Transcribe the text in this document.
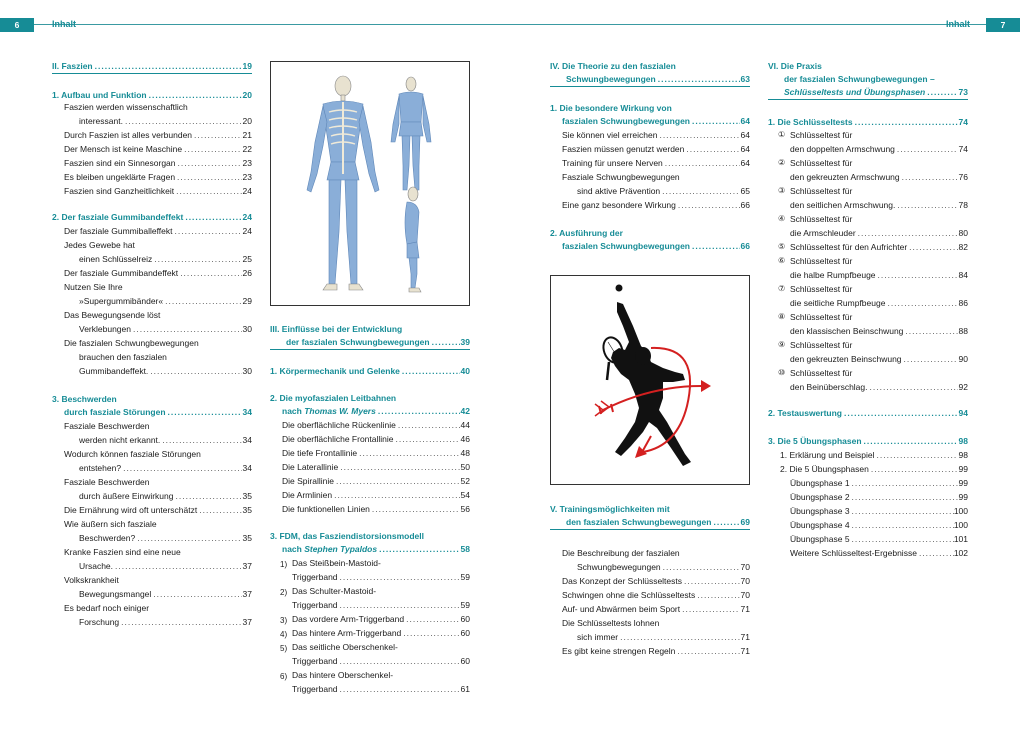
6	Inhalt	Inhalt	7
II. Faszien .....	19
1. Aufbau und Funktion .....	20
Faszien werden wissenschaftlich
interessant. .....	20
Durch Faszien ist alles verbunden .....	21
Der Mensch ist keine Maschine .....	22
Faszien sind ein Sinnesorgan .....	23
Es bleiben ungeklärte Fragen .....	23
Faszien sind Ganzheitlichkeit .....	24
2. Der fasziale Gummibandeffekt .....	24
Der fasziale Gummiballeffekt .....	24
Jedes Gewebe hat
einen Schlüsselreiz .....	25
Der fasziale Gummibandeffekt .....	26
Nutzen Sie Ihre
»Supergummibänder« .....	29
Das Bewegungsende löst
Verklebungen .....	30
Die faszialen Schwungbewegungen
brauchen den faszialen
Gummibandeffekt. .....	30
3. Beschwerden
durch fasziale Störungen .....	34
Fasziale Beschwerden
werden nicht erkannt. .....	34
Wodurch können fasziale Störungen
entstehen? .....	34
Fasziale Beschwerden
durch äußere Einwirkung .....	35
Die Ernährung wird oft unterschätzt .....	35
Wie äußern sich fasziale
Beschwerden? .....	35
Kranke Faszien sind eine neue
Ursache. .....	37
Volkskrankheit
Bewegungsmangel .....	37
Es bedarf noch einiger
Forschung .....	37
III. Einflüsse bei der Entwicklung
der faszialen Schwungbewegungen .....	39
1. Körpermechanik und Gelenke .....	40
2. Die myofaszialen Leitbahnen
nach Thomas W. Myers .....	42
Die oberflächliche Rückenlinie .....	44
Die oberflächliche Frontallinie .....	46
Die tiefe Frontallinie .....	48
Die Laterallinie .....	50
Die Spirallinie .....	52
Die Armlinien .....	54
Die funktionellen Linien .....	56
3. FDM, das Fasziendistorsionsmodell
nach Stephen Typaldos .....	58
1) Das Steißbein-Mastoid-
Triggerband .....	59
2) Das Schulter-Mastoid-
Triggerband .....	59
3) Das vordere Arm-Triggerband .....	60
4) Das hintere Arm-Triggerband .....	60
5) Das seitliche Oberschenkel-
Triggerband .....	60
6) Das hintere Oberschenkel-
Triggerband .....	61
IV. Die Theorie zu den faszialen
Schwungbewegungen .....	63
1. Die besondere Wirkung von
faszialen Schwungbewegungen .....	64
Sie können viel erreichen .....	64
Faszien müssen genutzt werden .....	64
Training für unsere Nerven .....	64
Fasziale Schwungbewegungen
sind aktive Prävention .....	65
Eine ganz besondere Wirkung .....	66
2. Ausführung der
faszialen Schwungbewegungen .....	66
V. Trainingsmöglichkeiten mit
den faszialen Schwungbewegungen .....	69
Die Beschreibung der faszialen
Schwungbewegungen .....	70
Das Konzept der Schlüsseltests .....	70
Schwingen ohne die Schlüsseltests .....	70
Auf- und Abwärmen beim Sport .....	71
Die Schlüsseltests lohnen
sich immer .....	71
Es gibt keine strengen Regeln .....	71
VI. Die Praxis
der faszialen Schwungbewegungen –
Schlüsseltests und Übungsphasen .....	73
1. Die Schlüsseltests .....	74
① Schlüsseltest für
den doppelten Armschwung .....	74
② Schlüsseltest für
den gekreuzten Armschwung .....	76
③ Schlüsseltest für
den seitlichen Armschwung. .....	78
④ Schlüsseltest für
die Armschleuder .....	80
⑤ Schlüsseltest für den Aufrichter .....	82
⑥ Schlüsseltest für
die halbe Rumpfbeuge .....	84
⑦ Schlüsseltest für
die seitliche Rumpfbeuge .....	86
⑧ Schlüsseltest für
den klassischen Beinschwung .....	88
⑨ Schlüsseltest für
den gekreuzten Beinschwung .....	90
⑩ Schlüsseltest für
den Beinüberschlag. .....	92
2. Testauswertung .....	94
3. Die 5 Übungsphasen .....	98
1. Erklärung und Beispiel .....	98
2. Die 5 Übungsphasen .....	99
Übungsphase 1 .....	99
Übungsphase 2 .....	99
Übungsphase 3 .....	100
Übungsphase 4 .....	100
Übungsphase 5 .....	101
Weitere Schlüsseltest-Ergebnisse .....	102
